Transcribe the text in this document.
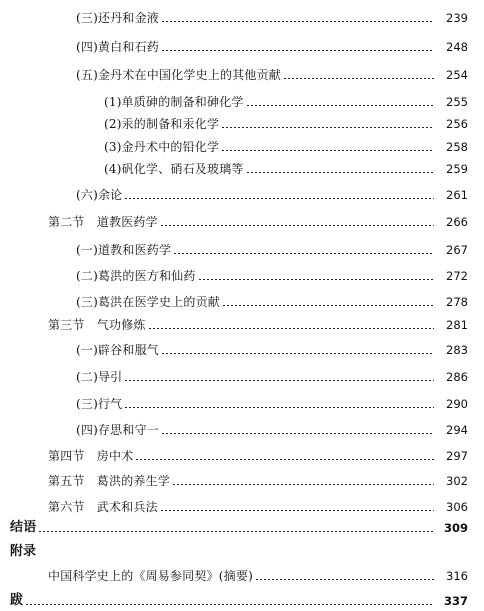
(三)还丹和金液	239
(四)黄白和石药	248
(五)金丹术在中国化学史上的其他贡献	254
(1)单质砷的制备和砷化学	255
(2)汞的制备和汞化学	256
(3)金丹术中的铅化学	258
(4)矾化学、硝石及玻璃等	259
(六)余论	261
第二节　道教医药学	266
(一)道教和医药学	267
(二)葛洪的医方和仙药	272
(三)葛洪在医学史上的贡献	278
第三节　气功修炼	281
(一)辟谷和服气	283
(二)导引	286
(三)行气	290
(四)存思和守一	294
第四节　房中术	297
第五节　葛洪的养生学	302
第六节　武术和兵法	306
结语	309
附录
中国科学史上的《周易参同契》(摘要)	316
跋	337
